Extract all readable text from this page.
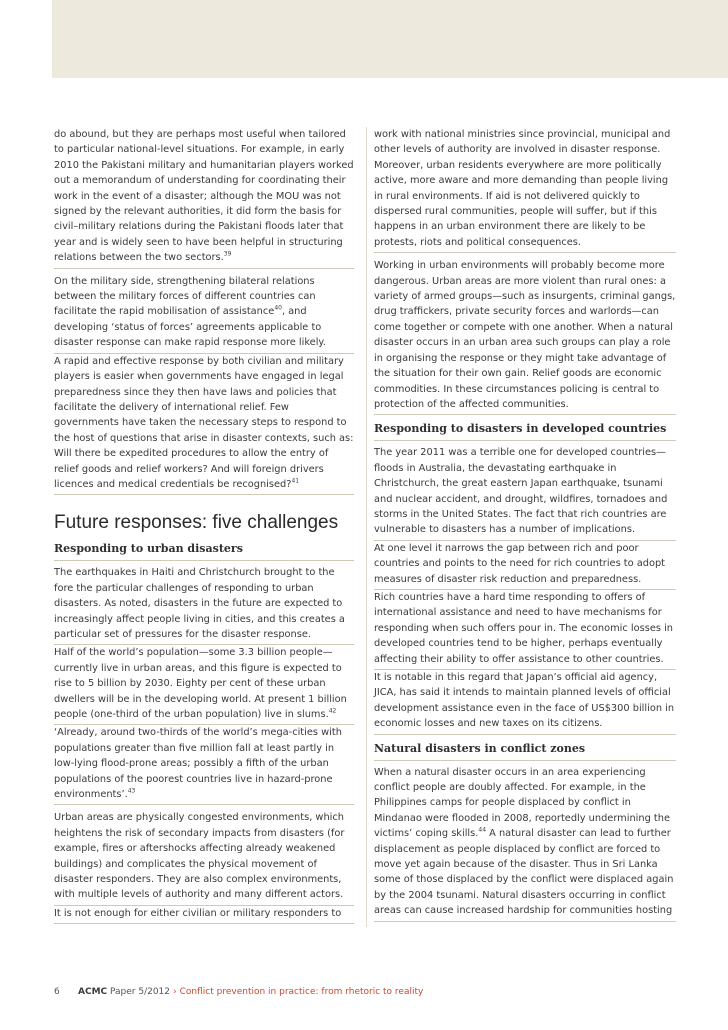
do abound, but they are perhaps most useful when tailored to particular national-level situations. For example, in early 2010 the Pakistani military and humanitarian players worked out a memorandum of understanding for coordinating their work in the event of a disaster; although the MOU was not signed by the relevant authorities, it did form the basis for civil–military relations during the Pakistani floods later that year and is widely seen to have been helpful in structuring relations between the two sectors.$^{39}$

On the military side, strengthening bilateral relations between the military forces of different countries can facilitate the rapid mobilisation of assistance$^{40}$, and developing ‘status of forces’ agreements applicable to disaster response can make rapid response more likely.

A rapid and effective response by both civilian and military players is easier when governments have engaged in legal preparedness since they then have laws and policies that facilitate the delivery of international relief. Few governments have taken the necessary steps to respond to the host of questions that arise in disaster contexts, such as: Will there be expedited procedures to allow the entry of relief goods and relief workers? And will foreign drivers licences and medical credentials be recognised?$^{41}$

Future responses: five challenges
Responding to urban disasters

The earthquakes in Haiti and Christchurch brought to the fore the particular challenges of responding to urban disasters. As noted, disasters in the future are expected to increasingly affect people living in cities, and this creates a particular set of pressures for the disaster response.

Half of the world’s population—some 3.3 billion people—currently live in urban areas, and this figure is expected to rise to 5 billion by 2030. Eighty per cent of these urban dwellers will be in the developing world. At present 1 billion people (one-third of the urban population) live in slums.$^{42}$

‘Already, around two-thirds of the world’s mega-cities with populations greater than five million fall at least partly in low-lying flood-prone areas; possibly a fifth of the urban populations of the poorest countries live in hazard-prone environments’.$^{43}$

Urban areas are physically congested environments, which heightens the risk of secondary impacts from disasters (for example, fires or aftershocks affecting already weakened buildings) and complicates the physical movement of disaster responders. They are also complex environments, with multiple levels of authority and many different actors.

It is not enough for either civilian or military responders to

work with national ministries since provincial, municipal and other levels of authority are involved in disaster response. Moreover, urban residents everywhere are more politically active, more aware and more demanding than people living in rural environments. If aid is not delivered quickly to dispersed rural communities, people will suffer, but if this happens in an urban environment there are likely to be protests, riots and political consequences.

Working in urban environments will probably become more dangerous. Urban areas are more violent than rural ones: a variety of armed groups—such as insurgents, criminal gangs, drug traffickers, private security forces and warlords—can come together or compete with one another. When a natural disaster occurs in an urban area such groups can play a role in organising the response or they might take advantage of the situation for their own gain. Relief goods are economic commodities. In these circumstances policing is central to protection of the affected communities.

Responding to disasters in developed countries

The year 2011 was a terrible one for developed countries—floods in Australia, the devastating earthquake in Christchurch, the great eastern Japan earthquake, tsunami and nuclear accident, and drought, wildfires, tornadoes and storms in the United States. The fact that rich countries are vulnerable to disasters has a number of implications.

At one level it narrows the gap between rich and poor countries and points to the need for rich countries to adopt measures of disaster risk reduction and preparedness.

Rich countries have a hard time responding to offers of international assistance and need to have mechanisms for responding when such offers pour in. The economic losses in developed countries tend to be higher, perhaps eventually affecting their ability to offer assistance to other countries.

It is notable in this regard that Japan’s official aid agency, JICA, has said it intends to maintain planned levels of official development assistance even in the face of US$300 billion in economic losses and new taxes on its citizens.

Natural disasters in conflict zones

When a natural disaster occurs in an area experiencing conflict people are doubly affected. For example, in the Philippines camps for people displaced by conflict in Mindanao were flooded in 2008, reportedly undermining the victims’ coping skills.$^{44}$ A natural disaster can lead to further displacement as people displaced by conflict are forced to move yet again because of the disaster. Thus in Sri Lanka some of those displaced by the conflict were displaced again by the 2004 tsunami. Natural disasters occurring in conflict areas can cause increased hardship for communities hosting

6 ACMC Paper 5/2012 › Conflict prevention in practice: from rhetoric to reality
